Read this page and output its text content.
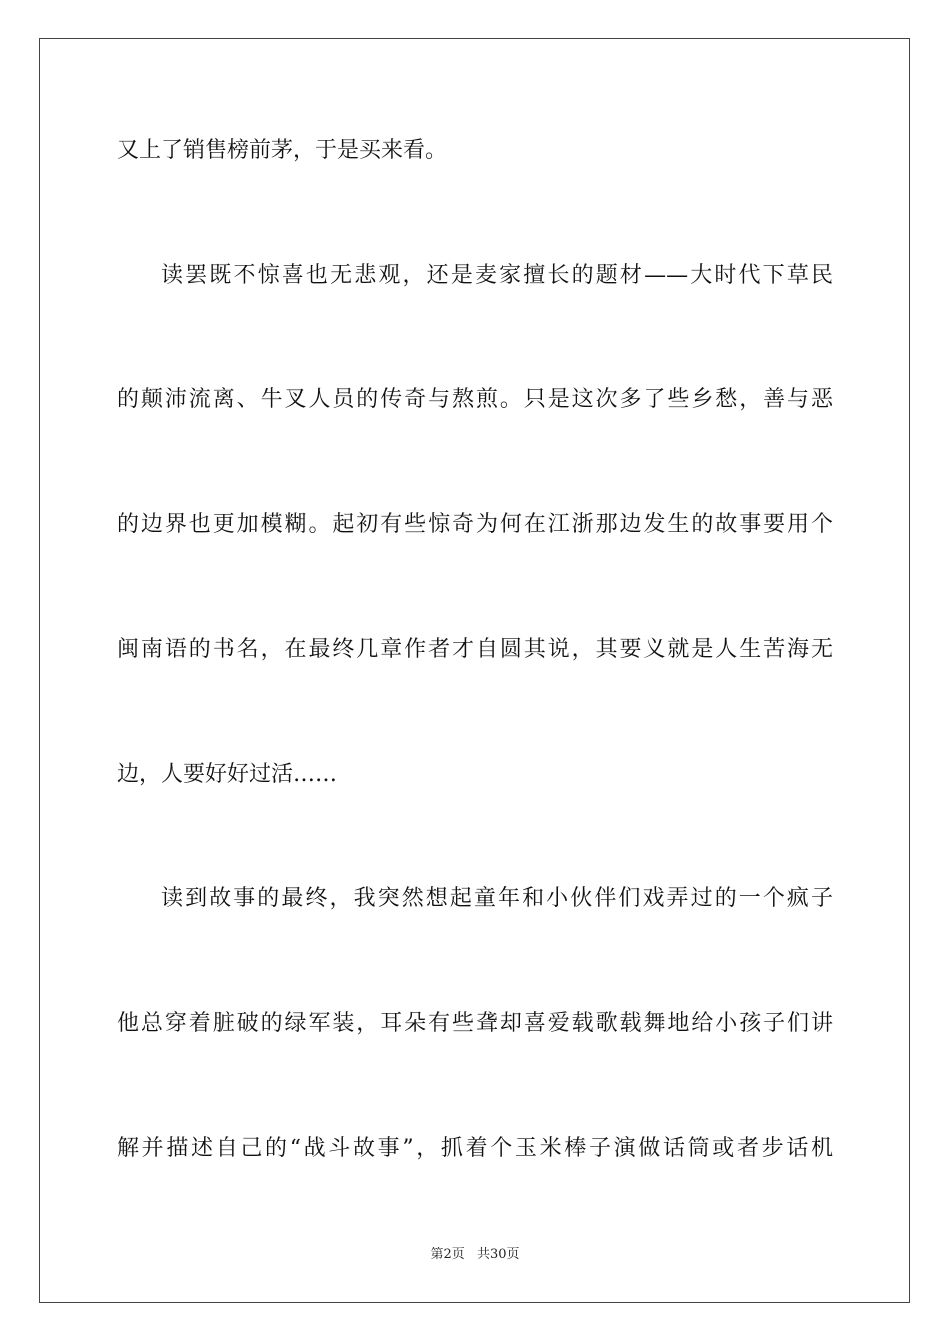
又上了销售榜前茅，于是买来看。
读罢既不惊喜也无悲观，还是麦家擅长的题材——大时代下草民
的颠沛流离、牛叉人员的传奇与熬煎。只是这次多了些乡愁，善与恶
的边界也更加模糊。起初有些惊奇为何在江浙那边发生的故事要用个
闽南语的书名，在最终几章作者才自圆其说，其要义就是人生苦海无
边，人要好好过活……
读到故事的最终，我突然想起童年和小伙伴们戏弄过的一个疯子
他总穿着脏破的绿军装，耳朵有些聋却喜爱载歌载舞地给小孩子们讲
解并描述自己的“战斗故事”，抓着个玉米棒子演做话筒或者步话机
第2页 共30页
